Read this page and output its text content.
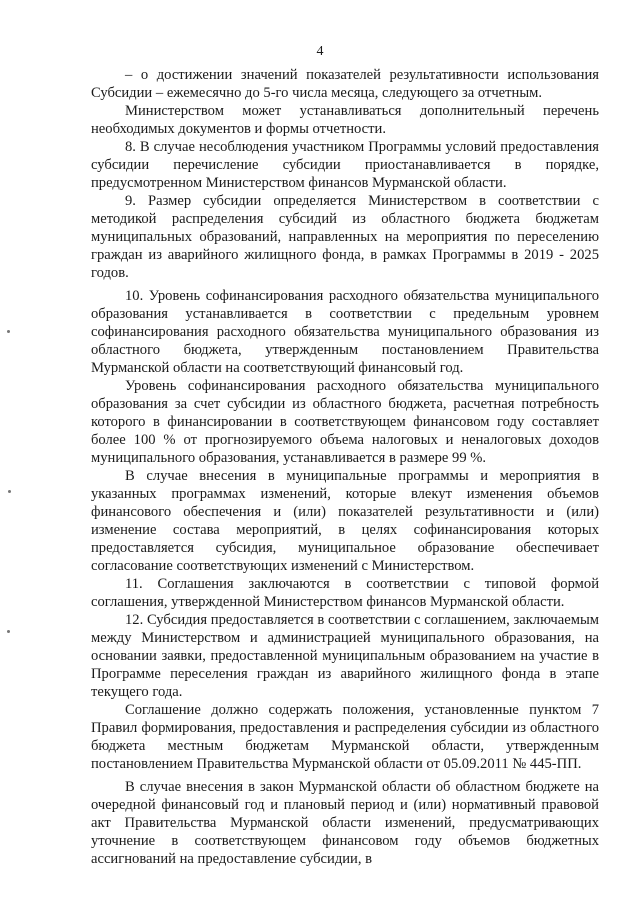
4

– о достижении значений показателей результативности использования Субсидии – ежемесячно до 5-го числа месяца, следующего за отчетным.

Министерством может устанавливаться дополнительный перечень необходимых документов и формы отчетности.

8. В случае несоблюдения участником Программы условий предоставления субсидии перечисление субсидии приостанавливается в порядке, предусмотренном Министерством финансов Мурманской области.

9. Размер субсидии определяется Министерством в соответствии с методикой распределения субсидий из областного бюджета бюджетам муниципальных образований, направленных на мероприятия по переселению граждан из аварийного жилищного фонда, в рамках Программы в 2019 - 2025 годов.

10. Уровень софинансирования расходного обязательства муниципального образования устанавливается в соответствии с предельным уровнем софинансирования расходного обязательства муниципального образования из областного бюджета, утвержденным постановлением Правительства Мурманской области на соответствующий финансовый год.

Уровень софинансирования расходного обязательства муниципального образования за счет субсидии из областного бюджета, расчетная потребность которого в финансировании в соответствующем финансовом году составляет более 100 % от прогнозируемого объема налоговых и неналоговых доходов муниципального образования, устанавливается в размере 99 %.

В случае внесения в муниципальные программы и мероприятия в указанных программах изменений, которые влекут изменения объемов финансового обеспечения и (или) показателей результативности и (или) изменение состава мероприятий, в целях софинансирования которых предоставляется субсидия, муниципальное образование обеспечивает согласование соответствующих изменений с Министерством.

11. Соглашения заключаются в соответствии с типовой формой соглашения, утвержденной Министерством финансов Мурманской области.

12. Субсидия предоставляется в соответствии с соглашением, заключаемым между Министерством и администрацией муниципального образования, на основании заявки, предоставленной муниципальным образованием на участие в Программе переселения граждан из аварийного жилищного фонда в этапе текущего года.

Соглашение должно содержать положения, установленные пунктом 7 Правил формирования, предоставления и распределения субсидии из областного бюджета местным бюджетам Мурманской области, утвержденным постановлением Правительства Мурманской области от 05.09.2011 № 445-ПП.

В случае внесения в закон Мурманской области об областном бюджете на очередной финансовый год и плановый период и (или) нормативный правовой акт Правительства Мурманской области изменений, предусматривающих уточнение в соответствующем финансовом году объемов бюджетных ассигнований на предоставление субсидии, в
